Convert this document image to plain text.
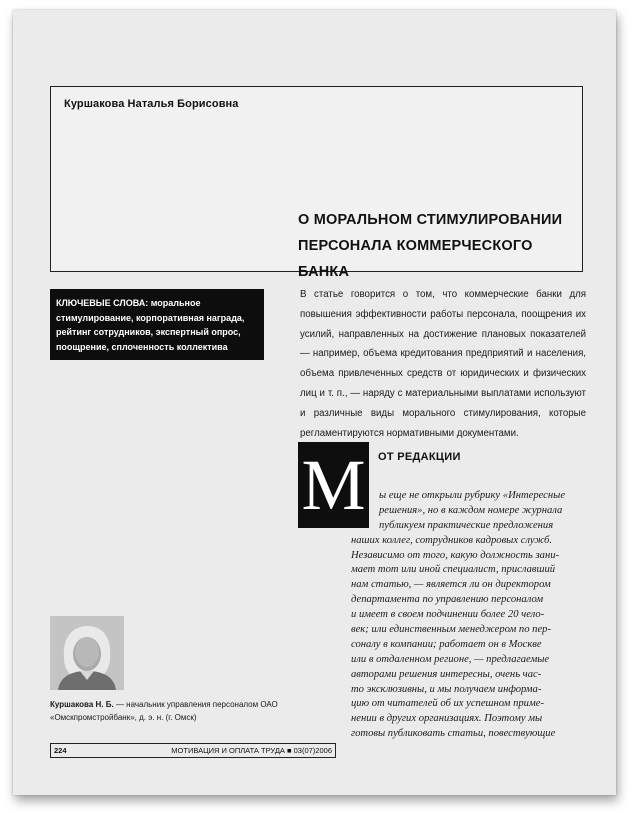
Куршакова Наталья Борисовна
О МОРАЛЬНОМ СТИМУЛИРОВАНИИ
ПЕРСОНАЛА КОММЕРЧЕСКОГО БАНКА
КЛЮЧЕВЫЕ СЛОВА: моральное стимулирование, корпоративная награда, рейтинг сотрудников, экспертный опрос, поощрение, сплоченность коллектива
В статье говорится о том, что коммерческие банки для повышения эффективности работы персонала, поощрения их усилий, направленных на достижение плановых показателей — например, объема кредитования предприятий и населения, объема привлеченных средств от юридических и физических лиц и т. п., — наряду с материальными выплатами используют и различные виды морального стимулирования, которые регламентируются нормативными документами.
М	ОТ РЕДАКЦИИ
ы еще не открыли рубрику «Интересные
решения», но в каждом номере журнала
публикуем практические предложения
наших коллег, сотрудников кадровых служб.
Независимо от того, какую должность зани-
мает тот или иной специалист, приславший
нам статью, — является ли он директором
департамента по управлению персоналом
и имеет в своем подчинении более 20 чело-
век; или единственным менеджером по пер-
соналу в компании; работает он в Москве
или в отдаленном регионе, — предлагаемые
авторами решения интересны, очень час-
то эксклюзивны, и мы получаем информа-
цию от читателей об их успешном приме-
нении в других организациях. Поэтому мы
готовы публиковать статьи, повествующие
Куршакова Н. Б. — начальник управления персоналом ОАО «Омскпромстройбанк», д. э. н. (г. Омск)
224	МОТИВАЦИЯ И ОПЛАТА ТРУДА ■ 03(07)2006
